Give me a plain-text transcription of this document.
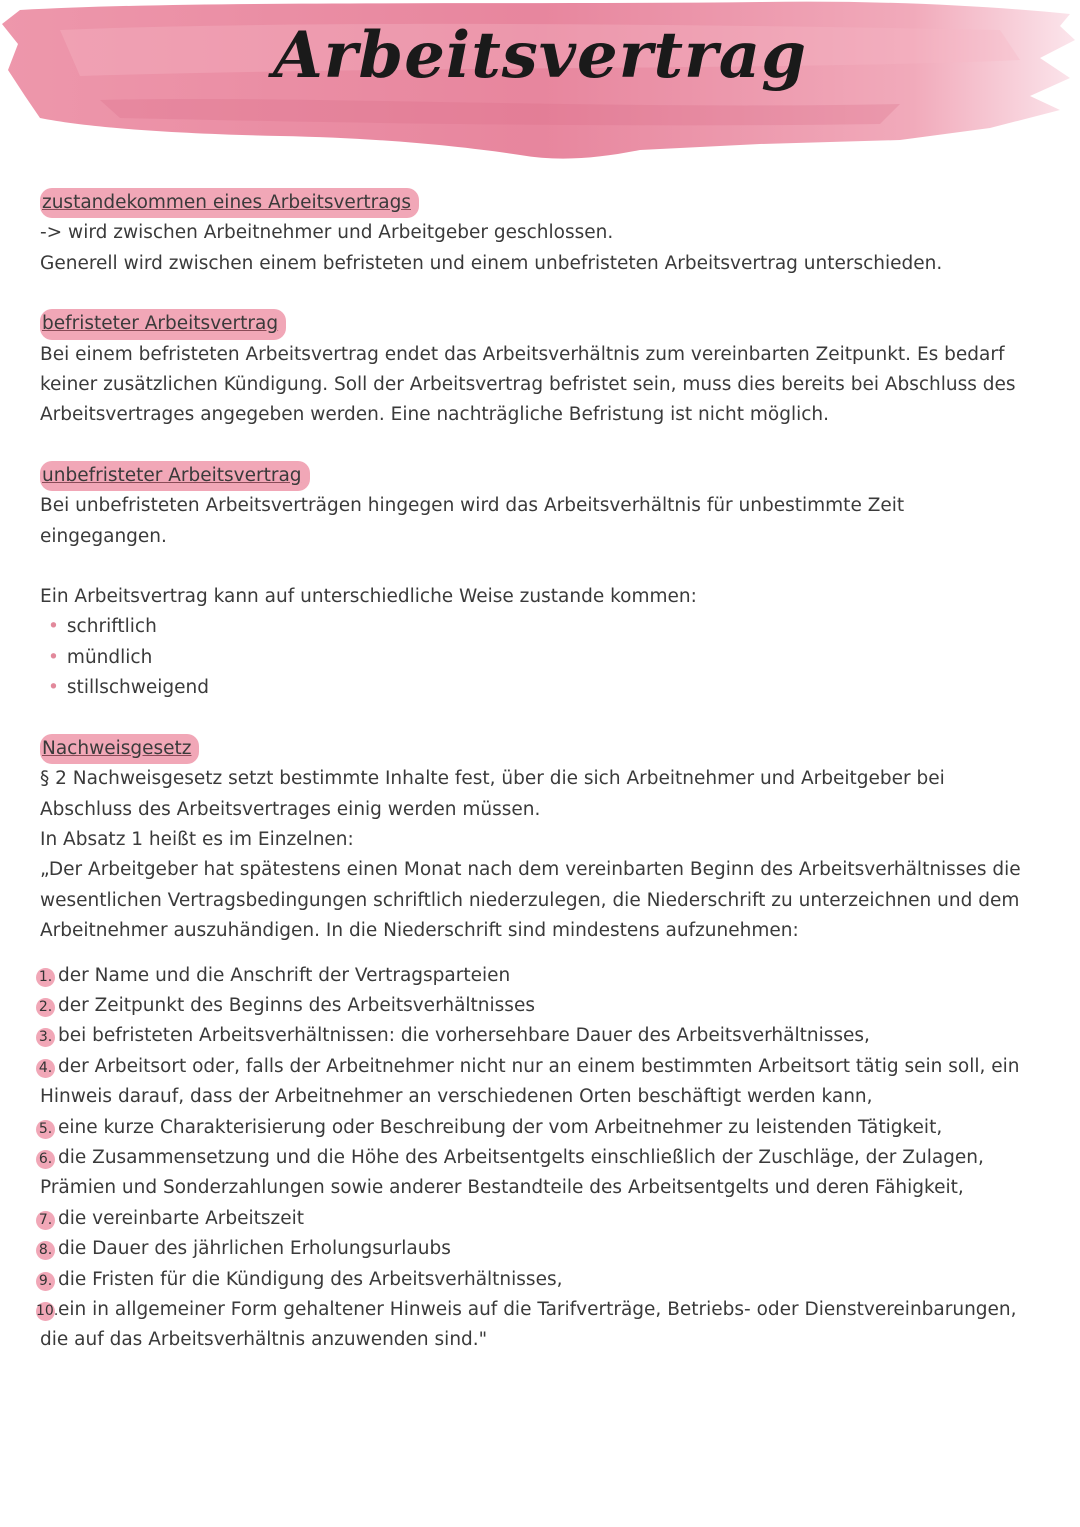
Arbeitsvertrag
zustandekommen eines Arbeitsvertrags

-> wird zwischen Arbeitnehmer und Arbeitgeber geschlossen.

Generell wird zwischen einem befristeten und einem unbefristeten Arbeitsvertrag unterschieden.

befristeter Arbeitsvertrag

Bei einem befristeten Arbeitsvertrag endet das Arbeitsverhältnis zum vereinbarten Zeitpunkt. Es bedarf

keiner zusätzlichen Kündigung. Soll der Arbeitsvertrag befristet sein, muss dies bereits bei Abschluss des

Arbeitsvertrages angegeben werden. Eine nachträgliche Befristung ist nicht möglich.

unbefristeter Arbeitsvertrag

Bei unbefristeten Arbeitsverträgen hingegen wird das Arbeitsverhältnis für unbestimmte Zeit eingegangen.

Ein Arbeitsvertrag kann auf unterschiedliche Weise zustande kommen:

• schriftlich
• mündlich
• stillschweigend
Nachweisgesetz

§ 2 Nachweisgesetz setzt bestimmte Inhalte fest, über die sich Arbeitnehmer und Arbeitgeber bei

Abschluss des Arbeitsvertrages einig werden müssen.

In Absatz 1 heißt es im Einzelnen:

„Der Arbeitgeber hat spätestens einen Monat nach dem vereinbarten Beginn des Arbeitsverhältnisses die

wesentlichen Vertragsbedingungen schriftlich niederzulegen, die Niederschrift zu unterzeichnen und dem

Arbeitnehmer auszuhändigen. In die Niederschrift sind mindestens aufzunehmen:

1. der Name und die Anschrift der Vertragsparteien

2. der Zeitpunkt des Beginns des Arbeitsverhältnisses

3. bei befristeten Arbeitsverhältnissen: die vorhersehbare Dauer des Arbeitsverhältnisses,

4. der Arbeitsort oder, falls der Arbeitnehmer nicht nur an einem bestimmten Arbeitsort tätig sein soll, ein

Hinweis darauf, dass der Arbeitnehmer an verschiedenen Orten beschäftigt werden kann,

5. eine kurze Charakterisierung oder Beschreibung der vom Arbeitnehmer zu leistenden Tätigkeit,

6. die Zusammensetzung und die Höhe des Arbeitsentgelts einschließlich der Zuschläge, der Zulagen,

Prämien und Sonderzahlungen sowie anderer Bestandteile des Arbeitsentgelts und deren Fähigkeit,

7. die vereinbarte Arbeitszeit

8. die Dauer des jährlichen Erholungsurlaubs

9. die Fristen für die Kündigung des Arbeitsverhältnisses,

10.ein in allgemeiner Form gehaltener Hinweis auf die Tarifverträge, Betriebs- oder Dienstvereinbarungen,

die auf das Arbeitsverhältnis anzuwenden sind."
